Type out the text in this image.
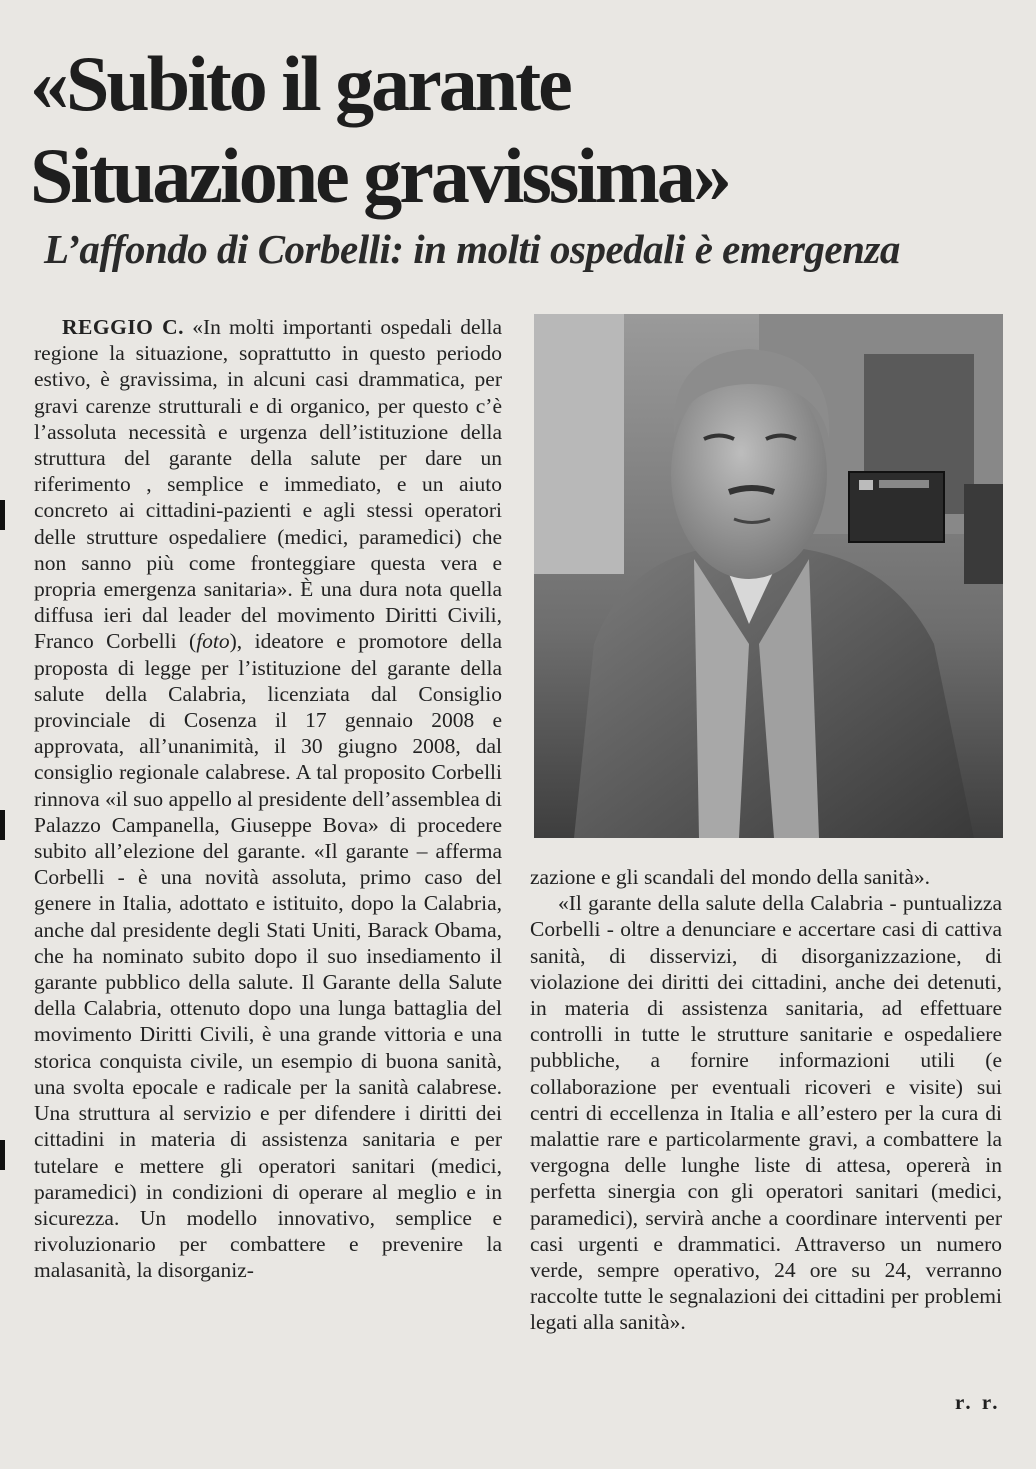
«Subito il garante
Situazione gravissima»
L’affondo di Corbelli: in molti ospedali è emergenza

REGGIO C. «In molti importanti ospedali della regione la situazione, soprattutto in questo periodo estivo, è gravissima, in alcuni casi drammatica, per gravi carenze strutturali e di organico, per questo c’è l’assoluta necessità e urgenza dell’istituzione della struttura del garante della salute per dare un riferimento , semplice e immediato, e un aiuto concreto ai cittadini-pazienti e agli stessi operatori delle strutture ospedaliere (medici, paramedici) che non sanno più come fronteggiare questa vera e propria emergenza sanitaria». È una dura nota quella diffusa ieri dal leader del movimento Diritti Civili, Franco Corbelli (foto), ideatore e promotore della proposta di legge per l’istituzione del garante della salute della Calabria, licenziata dal Consiglio provinciale di Cosenza il 17 gennaio 2008 e approvata, all’unanimità, il 30 giugno 2008, dal consiglio regionale calabrese. A tal proposito Corbelli rinnova «il suo appello al presidente dell’assemblea di Palazzo Campanella, Giuseppe Bova» di procedere subito all’elezione del garante. «Il garante – afferma Corbelli - è una novità assoluta, primo caso del genere in Italia, adottato e istituito, dopo la Calabria, anche dal presidente degli Stati Uniti, Barack Obama, che ha nominato subito dopo il suo insediamento il garante pubblico della salute. Il Garante della Salute della Calabria, ottenuto dopo una lunga battaglia del movimento Diritti Civili, è una grande vittoria e una storica conquista civile, un esempio di buona sanità, una svolta epocale e radicale per la sanità calabrese. Una struttura al servizio e per difendere i diritti dei cittadini in materia di assistenza sanitaria e per tutelare e mettere gli operatori sanitari (medici, paramedici) in condizioni di operare al meglio e in sicurezza. Un modello innovativo, semplice e rivoluzionario per combattere e prevenire la malasanità, la disorganiz-

zazione e gli scandali del mondo della sanità».

«Il garante della salute della Calabria - puntualizza Corbelli - oltre a denunciare e accertare casi di cattiva sanità, di disservizi, di disorganizzazione, di violazione dei diritti dei cittadini, anche dei detenuti, in materia di assistenza sanitaria, ad effettuare controlli in tutte le strutture sanitarie e ospedaliere pubbliche, a fornire informazioni utili (e collaborazione per eventuali ricoveri e visite) sui centri di eccellenza in Italia e all’estero per la cura di malattie rare e particolarmente gravi, a combattere la vergogna delle lunghe liste di attesa, opererà in perfetta sinergia con gli operatori sanitari (medici, paramedici), servirà anche a coordinare interventi per casi urgenti e drammatici. Attraverso un numero verde, sempre operativo, 24 ore su 24, verranno raccolte tutte le segnalazioni dei cittadini per problemi legati alla sanità».

r. r.
